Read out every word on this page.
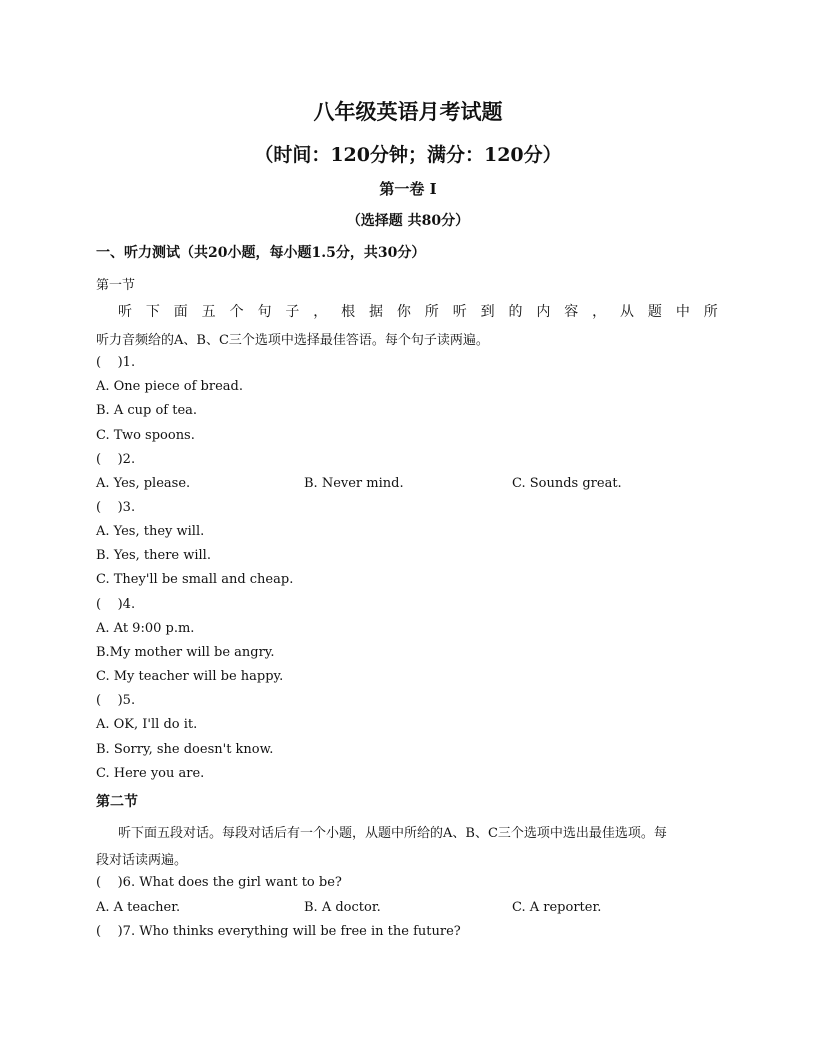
八年级英语月考试题
（时间：120分钟；满分：120分）
第一卷 I
（选择题 共80分）
一、听力测试（共20小题，每小题1.5分，共30分）
第一节
听 下 面 五 个 句 子 ， 根 据 你 所 听 到 的 内 容 ， 从 题 中 所
听力音频给的A、B、C三个选项中选择最佳答语。每个句子读两遍。
(    )1.
A. One piece of bread.
B. A cup of tea.
C. Two spoons.
(    )2.
A. Yes, please.	B. Never mind.	C. Sounds great.
(    )3.
A. Yes, they will.
B. Yes, there will.
C. They'll be small and cheap.
(    )4.
A. At 9:00 p.m.
B.My mother will be angry.
C. My teacher will be happy.
(    )5.
A. OK, I'll do it.
B. Sorry, she doesn't know.
C. Here you are.
第二节
听下面五段对话。每段对话后有一个小题，从题中所给的A、B、C三个选项中选出最佳选项。每
段对话读两遍。
(    )6. What does the girl want to be?
A. A teacher.	B. A doctor.	C. A reporter.
(    )7. Who thinks everything will be free in the future?
